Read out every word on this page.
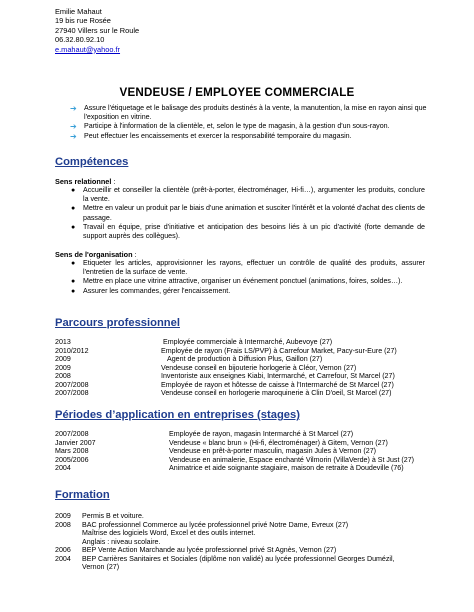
Emilie Mahaut
19 bis rue Rosée
27940 Villers sur le Roule
06.32.80.92.10
e.mahaut@yahoo.fr
VENDEUSE / EMPLOYEE COMMERCIALE
➔ Assure l'étiquetage et le balisage des produits destinés à la vente, la manutention, la mise en rayon ainsi que l'exposition en vitrine.
➔ Participe à l'information de la clientèle, et, selon le type de magasin, à la gestion d'un sous-rayon.
➔ Peut effectuer les encaissements et exercer la responsabilité temporaire du magasin.
Compétences
Sens relationnel :
● Accueillir et conseiller la clientèle (prêt-à-porter, électroménager, Hi-fi…), argumenter les produits, conclure la vente.
● Mettre en valeur un produit par le biais d'une animation et susciter l'intérêt et la volonté d'achat des clients de passage.
● Travail en équipe, prise d'initiative et anticipation des besoins liés à un pic d'activité (forte demande de support auprès des collègues).
Sens de l'organisation :
● Etiqueter les articles, approvisionner les rayons, effectuer un contrôle de qualité des produits, assurer l'entretien de la surface de vente.
● Mettre en place une vitrine attractive, organiser un événement ponctuel (animations, foires, soldes…).
● Assurer les commandes, gérer l'encaissement.
Parcours professionnel
2013	Employée commerciale à Intermarché, Aubevoye (27)
2010/2012	Employée de rayon (Frais LS/PVP) à Carrefour Market, Pacy-sur-Eure (27)
2009	Agent de production à Diffusion Plus, Gaillon (27)
2009	Vendeuse conseil en bijouterie horlogerie à Cléor, Vernon (27)
2008	Inventoriste aux enseignes Kiabi, Intermarché, et Carrefour, St Marcel (27)
2007/2008	Employée de rayon et hôtesse de caisse à l'Intermarché de St Marcel (27)
2007/2008	Vendeuse conseil en horlogerie maroquinerie à Clin D'oeil, St Marcel (27)
Périodes d’application en entreprises (stages)
2007/2008	Employée de rayon, magasin Intermarché à St Marcel (27)
Janvier 2007	Vendeuse « blanc brun » (Hi-fi, électroménager) à Gitem, Vernon (27)
Mars 2008	Vendeuse en prêt-à-porter masculin, magasin Jules à Vernon (27)
2005/2006	Vendeuse en animalerie, Espace enchanté Vilmorin (VillaVerde) à St Just (27)
2004	Animatrice et aide soignante stagiaire, maison de retraite à Doudeville (76)
Formation
2009 Permis B et voiture.
2008 BAC professionnel Commerce au lycée professionnel privé Notre Dame, Evreux (27)
Maîtrise des logiciels Word, Excel et des outils internet.
Anglais : niveau scolaire.
2006 BEP Vente Action Marchande au lycée professionnel privé St Agnès, Vernon (27)
2004 BEP Carrières Sanitaires et Sociales (diplôme non validé) au lycée professionnel Georges Dumézil,
Vernon (27)
